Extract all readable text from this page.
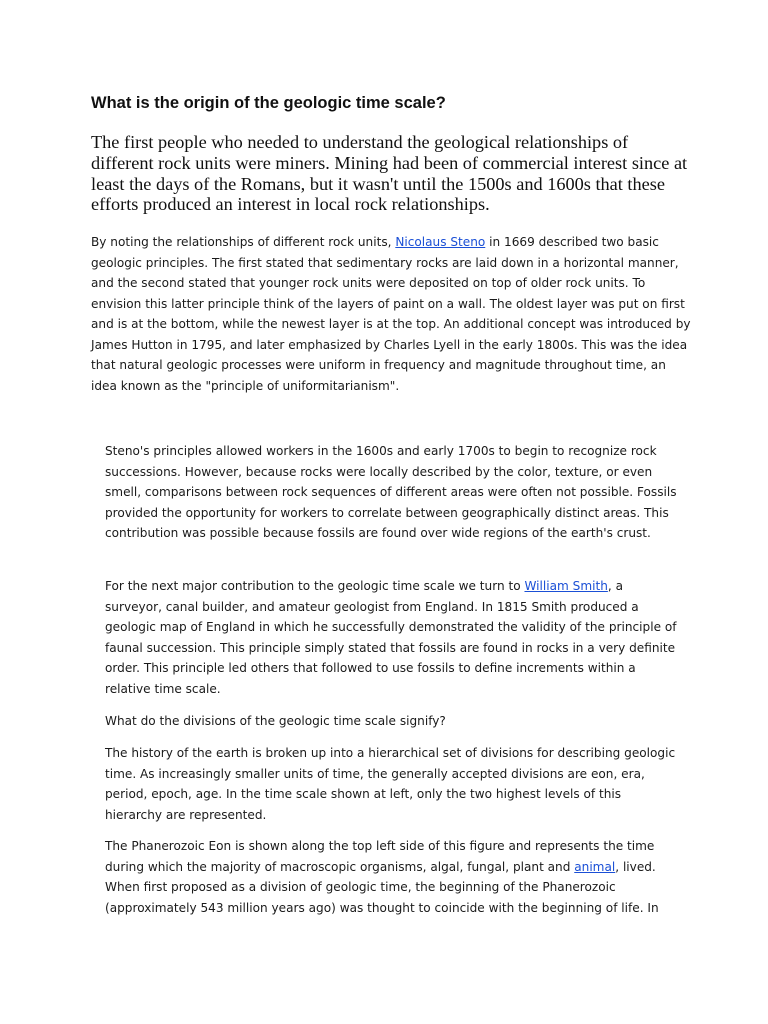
What is the origin of the geologic time scale?

The first people who needed to understand the geological relationships of different rock units were miners. Mining had been of commercial interest since at least the days of the Romans, but it wasn't until the 1500s and 1600s that these efforts produced an interest in local rock relationships.

By noting the relationships of different rock units, Nicolaus Steno in 1669 described two basic geologic principles. The first stated that sedimentary rocks are laid down in a horizontal manner, and the second stated that younger rock units were deposited on top of older rock units. To envision this latter principle think of the layers of paint on a wall. The oldest layer was put on first and is at the bottom, while the newest layer is at the top. An additional concept was introduced by James Hutton in 1795, and later emphasized by Charles Lyell in the early 1800s. This was the idea that natural geologic processes were uniform in frequency and magnitude throughout time, an idea known as the "principle of uniformitarianism".

Steno's principles allowed workers in the 1600s and early 1700s to begin to recognize rock successions. However, because rocks were locally described by the color, texture, or even smell, comparisons between rock sequences of different areas were often not possible. Fossils provided the opportunity for workers to correlate between geographically distinct areas. This contribution was possible because fossils are found over wide regions of the earth's crust.

For the next major contribution to the geologic time scale we turn to William Smith, a surveyor, canal builder, and amateur geologist from England. In 1815 Smith produced a geologic map of England in which he successfully demonstrated the validity of the principle of faunal succession. This principle simply stated that fossils are found in rocks in a very definite order. This principle led others that followed to use fossils to define increments within a relative time scale.

What do the divisions of the geologic time scale signify?

The history of the earth is broken up into a hierarchical set of divisions for describing geologic time. As increasingly smaller units of time, the generally accepted divisions are eon, era, period, epoch, age. In the time scale shown at left, only the two highest levels of this hierarchy are represented.

The Phanerozoic Eon is shown along the top left side of this figure and represents the time during which the majority of macroscopic organisms, algal, fungal, plant and animal, lived. When first proposed as a division of geologic time, the beginning of the Phanerozoic (approximately 543 million years ago) was thought to coincide with the beginning of life. In
